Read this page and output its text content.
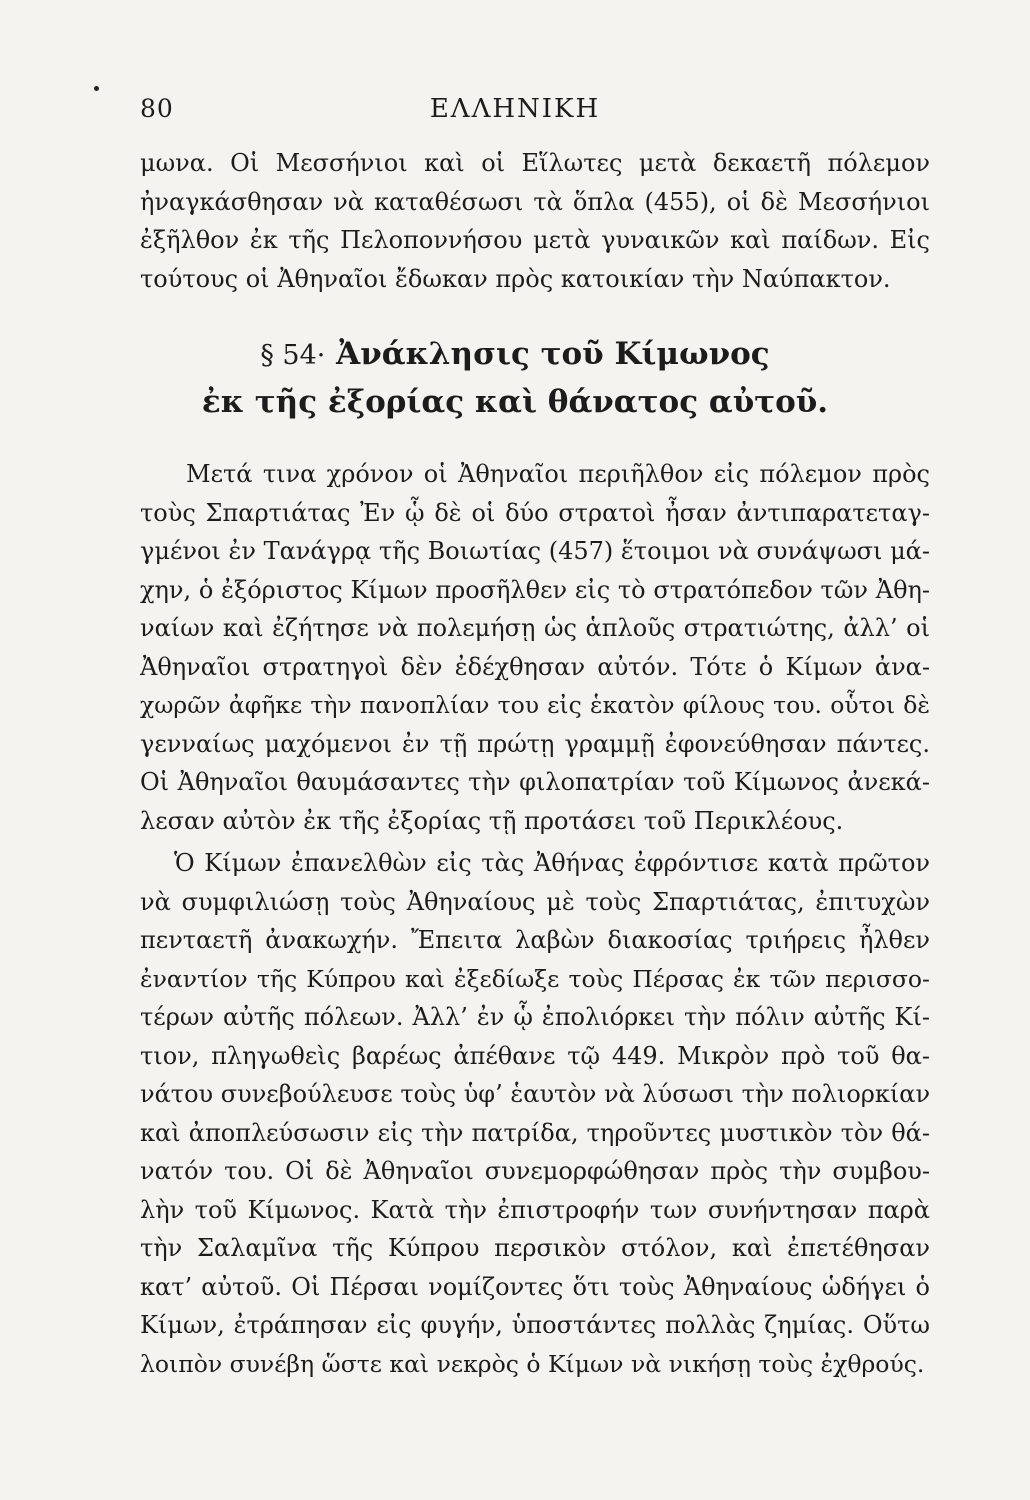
80	ΕΛΛΗΝΙΚΗ
μωνα. Οἱ Μεσσήνιοι καὶ οἱ Εἵλωτες μετὰ δεκαετῆ πόλεμον
ἠναγκάσθησαν νὰ καταθέσωσι τὰ ὅπλα (455), οἱ δὲ Μεσσήνιοι
ἐξῆλθον ἐκ τῆς Πελοποννήσου μετὰ γυναικῶν καὶ παίδων. Εἰς
τούτους οἱ Ἀθηναῖοι ἔδωκαν πρὸς κατοικίαν τὴν Ναύπακτον.
§ 54· Ἀνάκλησις τοῦ Κίμωνος
ἐκ τῆς ἐξορίας καὶ θάνατος αὐτοῦ.
Μετά τινα χρόνον οἱ Ἀθηναῖοι περιῆλθον εἰς πόλεμον πρὸς
τοὺς Σπαρτιάτας Ἐν ᾧ δὲ οἱ δύο στρατοὶ ἦσαν ἀντιπαρατεταγ-
γμένοι ἐν Τανάγρᾳ τῆς Βοιωτίας (457) ἕτοιμοι νὰ συνάψωσι μά-
χην, ὁ ἐξόριστος Κίμων προσῆλθεν εἰς τὸ στρατόπεδον τῶν Ἀθη-
ναίων καὶ ἐζήτησε νὰ πολεμήσῃ ὡς ἁπλοῦς στρατιώτης, ἀλλ’ οἱ
Ἀθηναῖοι στρατηγοὶ δὲν ἐδέχθησαν αὐτόν. Τότε ὁ Κίμων ἀνα-
χωρῶν ἀφῆκε τὴν πανοπλίαν του εἰς ἑκατὸν φίλους του. οὗτοι δὲ
γενναίως μαχόμενοι ἐν τῇ πρώτῃ γραμμῇ ἐφονεύθησαν πάντες.
Οἱ Ἀθηναῖοι θαυμάσαντες τὴν φιλοπατρίαν τοῦ Κίμωνος ἀνεκά-
λεσαν αὐτὸν ἐκ τῆς ἐξορίας τῇ προτάσει τοῦ Περικλέους.
Ὁ Κίμων ἐπανελθὼν εἰς τὰς Ἀθήνας ἐφρόντισε κατὰ πρῶτον
νὰ συμφιλιώσῃ τοὺς Ἀθηναίους μὲ τοὺς Σπαρτιάτας, ἐπιτυχὼν
πενταετῆ ἀνακωχήν. Ἔπειτα λαβὼν διακοσίας τριήρεις ἦλθεν
ἐναντίον τῆς Κύπρου καὶ ἐξεδίωξε τοὺς Πέρσας ἐκ τῶν περισσο-
τέρων αὐτῆς πόλεων. Ἀλλ’ ἐν ᾧ ἐπολιόρκει τὴν πόλιν αὐτῆς Κί-
τιον, πληγωθεὶς βαρέως ἀπέθανε τῷ 449. Μικρὸν πρὸ τοῦ θα-
νάτου συνεβούλευσε τοὺς ὑφ’ ἑαυτὸν νὰ λύσωσι τὴν πολιορκίαν
καὶ ἀποπλεύσωσιν εἰς τὴν πατρίδα, τηροῦντες μυστικὸν τὸν θά-
νατόν του. Οἱ δὲ Ἀθηναῖοι συνεμορφώθησαν πρὸς τὴν συμβου-
λὴν τοῦ Κίμωνος. Κατὰ τὴν ἐπιστροφήν των συνήντησαν παρὰ
τὴν Σαλαμῖνα τῆς Κύπρου περσικὸν στόλον, καὶ ἐπετέθησαν
κατ’ αὐτοῦ. Οἱ Πέρσαι νομίζοντες ὅτι τοὺς Ἀθηναίους ὡδήγει ὁ
Κίμων, ἐτράπησαν εἰς φυγήν, ὑποστάντες πολλὰς ζημίας. Οὕτω
λοιπὸν συνέβη ὥστε καὶ νεκρὸς ὁ Κίμων νὰ νικήσῃ τοὺς ἐχθρούς.
